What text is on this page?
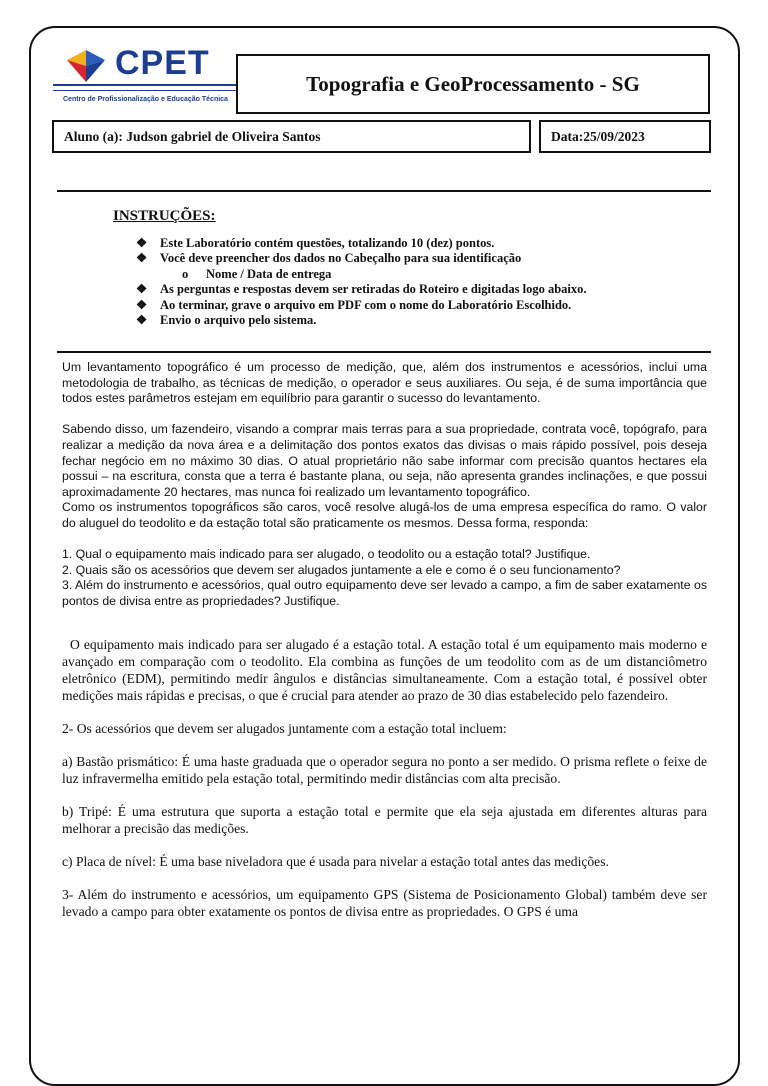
CPET
Centro de Profissionalização e Educação Técnica
Topografia e GeoProcessamento - SG
Aluno (a): Judson gabriel de Oliveira Santos	Data:25/09/2023
INSTRUÇÕES:
❖ Este Laboratório contém questões, totalizando 10 (dez) pontos.
❖ Você deve preencher dos dados no Cabeçalho para sua identificação
o Nome / Data de entrega
❖ As perguntas e respostas devem ser retiradas do Roteiro e digitadas logo abaixo.
❖ Ao terminar, grave o arquivo em PDF com o nome do Laboratório Escolhido.
❖ Envio o arquivo pelo sistema.

Um levantamento topográfico é um processo de medição, que, além dos instrumentos e acessórios, inclui uma metodologia de trabalho, as técnicas de medição, o operador e seus auxiliares. Ou seja, é de suma importância que todos estes parâmetros estejam em equilíbrio para garantir o sucesso do levantamento.

Sabendo disso, um fazendeiro, visando a comprar mais terras para a sua propriedade, contrata você, topógrafo, para realizar a medição da nova área e a delimitação dos pontos exatos das divisas o mais rápido possível, pois deseja fechar negócio em no máximo 30 dias. O atual proprietário não sabe informar com precisão quantos hectares ela possui – na escritura, consta que a terra é bastante plana, ou seja, não apresenta grandes inclinações, e que possui aproximadamente 20 hectares, mas nunca foi realizado um levantamento topográfico.

Como os instrumentos topográficos são caros, você resolve alugá-los de uma empresa específica do ramo. O valor do aluguel do teodolito e da estação total são praticamente os mesmos. Dessa forma, responda:

1. Qual o equipamento mais indicado para ser alugado, o teodolito ou a estação total? Justifique.

2. Quais são os acessórios que devem ser alugados juntamente a ele e como é o seu funcionamento?

3. Além do instrumento e acessórios, qual outro equipamento deve ser levado a campo, a fim de saber exatamente os pontos de divisa entre as propriedades? Justifique.

O equipamento mais indicado para ser alugado é a estação total. A estação total é um equipamento mais moderno e avançado em comparação com o teodolito. Ela combina as funções de um teodolito com as de um distanciômetro eletrônico (EDM), permitindo medir ângulos e distâncias simultaneamente. Com a estação total, é possível obter medições mais rápidas e precisas, o que é crucial para atender ao prazo de 30 dias estabelecido pelo fazendeiro.

2- Os acessórios que devem ser alugados juntamente com a estação total incluem:

a) Bastão prismático: É uma haste graduada que o operador segura no ponto a ser medido. O prisma reflete o feixe de luz infravermelha emitido pela estação total, permitindo medir distâncias com alta precisão.

b) Tripé: É uma estrutura que suporta a estação total e permite que ela seja ajustada em diferentes alturas para melhorar a precisão das medições.

c) Placa de nível: É uma base niveladora que é usada para nivelar a estação total antes das medições.

3- Além do instrumento e acessórios, um equipamento GPS (Sistema de Posicionamento Global) também deve ser levado a campo para obter exatamente os pontos de divisa entre as propriedades. O GPS é uma
